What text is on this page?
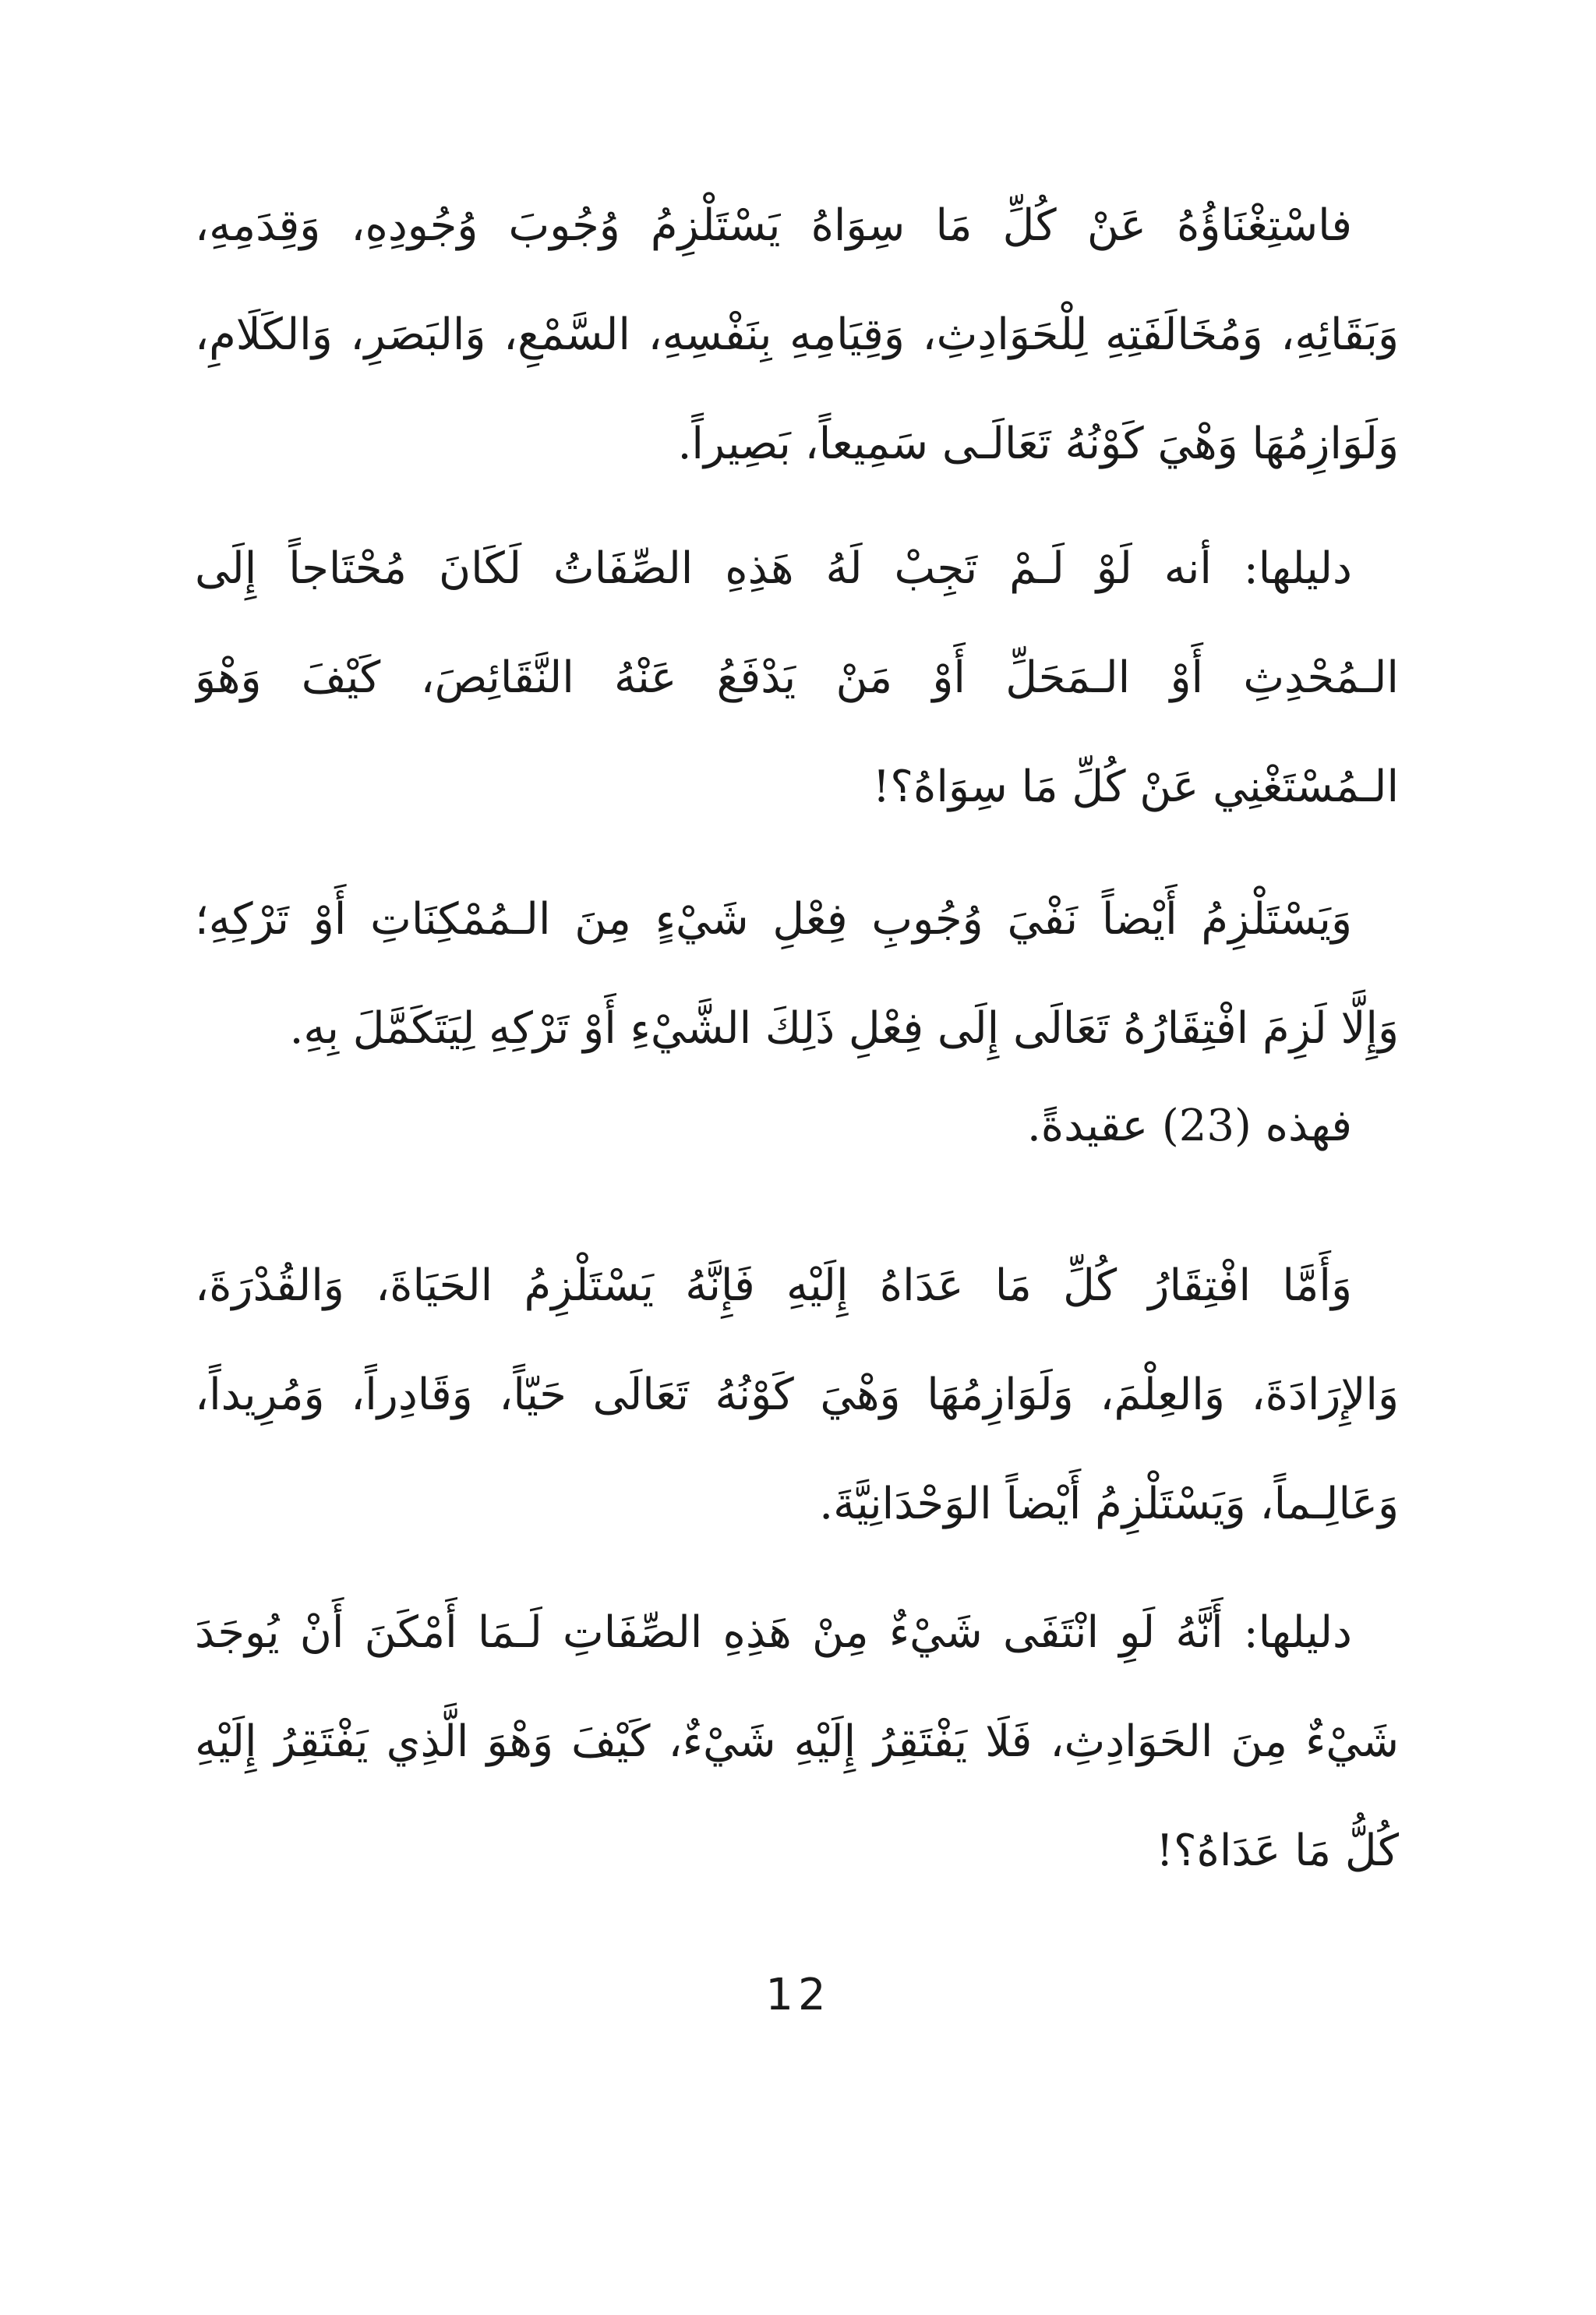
فاسْتِغْنَاؤُهُ عَنْ كُلِّ مَا سِوَاهُ يَسْتَلْزِمُ وُجُوبَ وُجُودِهِ، وَقِدَمِهِ،
وَبَقَائِهِ، وَمُخَالَفَتِهِ لِلْحَوَادِثِ، وَقِيَامِهِ بِنَفْسِهِ، السَّمْعِ، وَالبَصَرِ، وَالكَلَامِ،
وَلَوَازِمُهَا وَهْيَ كَوْنُهُ تَعَالَـى سَمِيعاً، بَصِيراً.
دليلها: أنه لَوْ لَـمْ تَجِبْ لَهُ هَذِهِ الصِّفَاتُ لَكَانَ مُحْتَاجاً إِلَى
الـمُحْدِثِ أَوْ الـمَحَلِّ أَوْ مَنْ يَدْفَعُ عَنْهُ النَّقَائِصَ، كَيْفَ وَهْوَ
الـمُسْتَغْنِي عَنْ كُلِّ مَا سِوَاهُ؟!
وَيَسْتَلْزِمُ أَيْضاً نَفْيَ وُجُوبِ فِعْلِ شَيْءٍ مِنَ الـمُمْكِنَاتِ أَوْ تَرْكِهِ؛
وَإِلَّا لَزِمَ افْتِقَارُهُ تَعَالَى إِلَى فِعْلِ ذَلِكَ الشَّيْءِ أَوْ تَرْكِهِ لِيَتَكَمَّلَ بِهِ.
فهذه (23) عقيدةً.
وَأَمَّا افْتِقَارُ كُلِّ مَا عَدَاهُ إِلَيْهِ فَإِنَّهُ يَسْتَلْزِمُ الحَيَاةَ، وَالقُدْرَةَ،
وَالإِرَادَةَ، وَالعِلْمَ، وَلَوَازِمُهَا وَهْيَ كَوْنُهُ تَعَالَى حَيّاً، وَقَادِراً، وَمُرِيداً،
وَعَالِـماً، وَيَسْتَلْزِمُ أَيْضاً الوَحْدَانِيَّةَ.
دليلها: أَنَّهُ لَوِ انْتَفَى شَيْءٌ مِنْ هَذِهِ الصِّفَاتِ لَـمَا أَمْكَنَ أَنْ يُوجَدَ
شَيْءٌ مِنَ الحَوَادِثِ، فَلَا يَفْتَقِرُ إِلَيْهِ شَيْءٌ، كَيْفَ وَهْوَ الَّذِي يَفْتَقِرُ إِلَيْهِ
كُلُّ مَا عَدَاهُ؟!
12
